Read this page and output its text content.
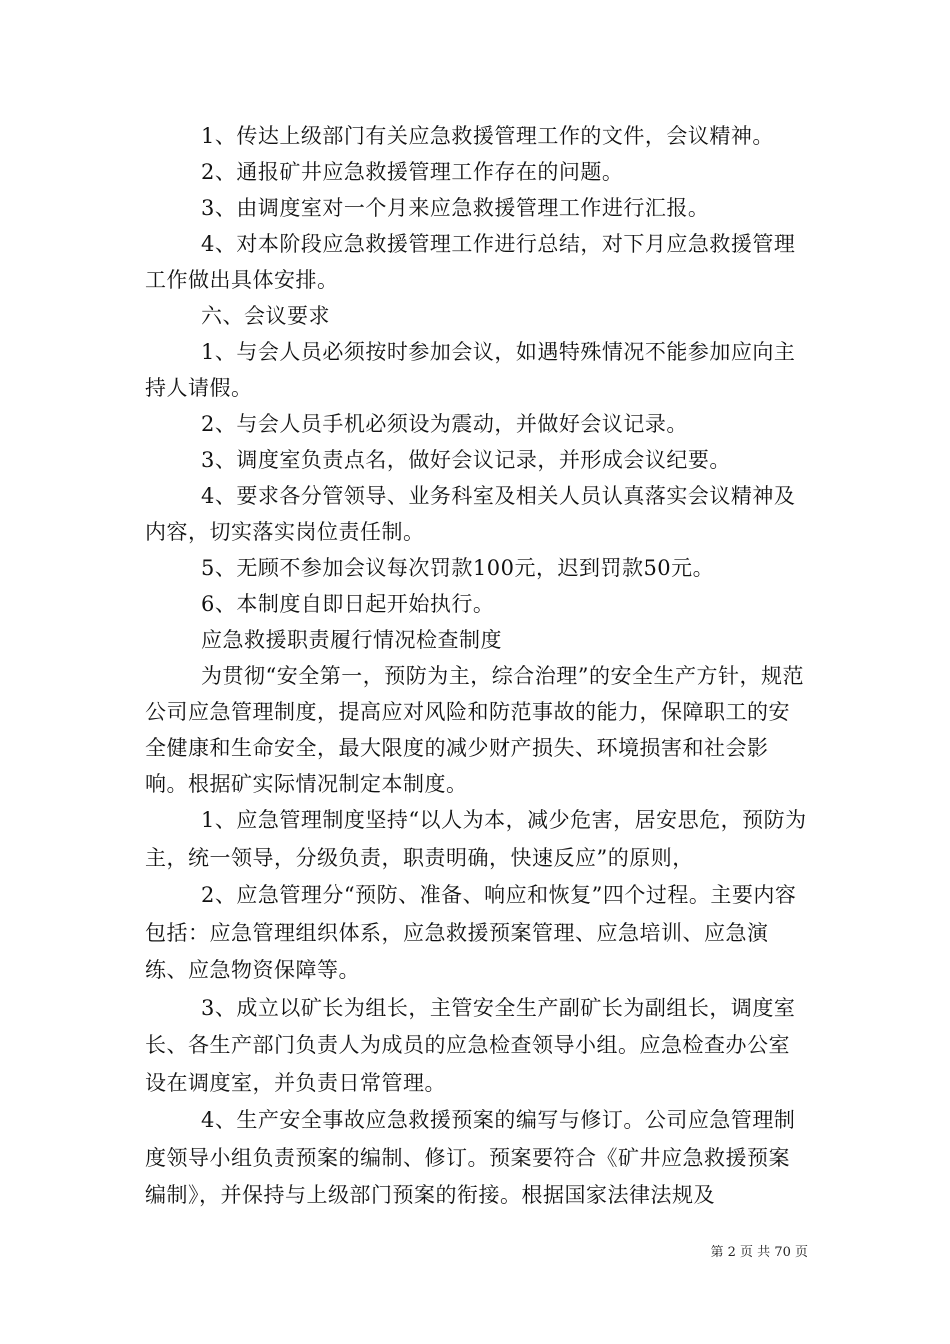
1、传达上级部门有关应急救援管理工作的文件，会议精神。

2、通报矿井应急救援管理工作存在的问题。

3、由调度室对一个月来应急救援管理工作进行汇报。

4、对本阶段应急救援管理工作进行总结，对下月应急救援管理工作做出具体安排。

六、会议要求

1、与会人员必须按时参加会议，如遇特殊情况不能参加应向主持人请假。

2、与会人员手机必须设为震动，并做好会议记录。

3、调度室负责点名，做好会议记录，并形成会议纪要。

4、要求各分管领导、业务科室及相关人员认真落实会议精神及内容，切实落实岗位责任制。

5、无顾不参加会议每次罚款100元，迟到罚款50元。

6、本制度自即日起开始执行。

应急救援职责履行情况检查制度

为贯彻“安全第一，预防为主，综合治理”的安全生产方针，规范公司应急管理制度，提高应对风险和防范事故的能力，保障职工的安全健康和生命安全，最大限度的减少财产损失、环境损害和社会影响。根据矿实际情况制定本制度。

1、应急管理制度坚持“以人为本，减少危害，居安思危，预防为主，统一领导，分级负责，职责明确，快速反应”的原则，

2、应急管理分“预防、准备、响应和恢复”四个过程。主要内容包括：应急管理组织体系，应急救援预案管理、应急培训、应急演练、应急物资保障等。

3、成立以矿长为组长，主管安全生产副矿长为副组长，调度室长、各生产部门负责人为成员的应急检查领导小组。应急检查办公室设在调度室，并负责日常管理。

4、生产安全事故应急救援预案的编写与修订。公司应急管理制度领导小组负责预案的编制、修订。预案要符合《矿井应急救援预案编制》，并保持与上级部门预案的衔接。根据国家法律法规及

第 2 页 共 70 页
